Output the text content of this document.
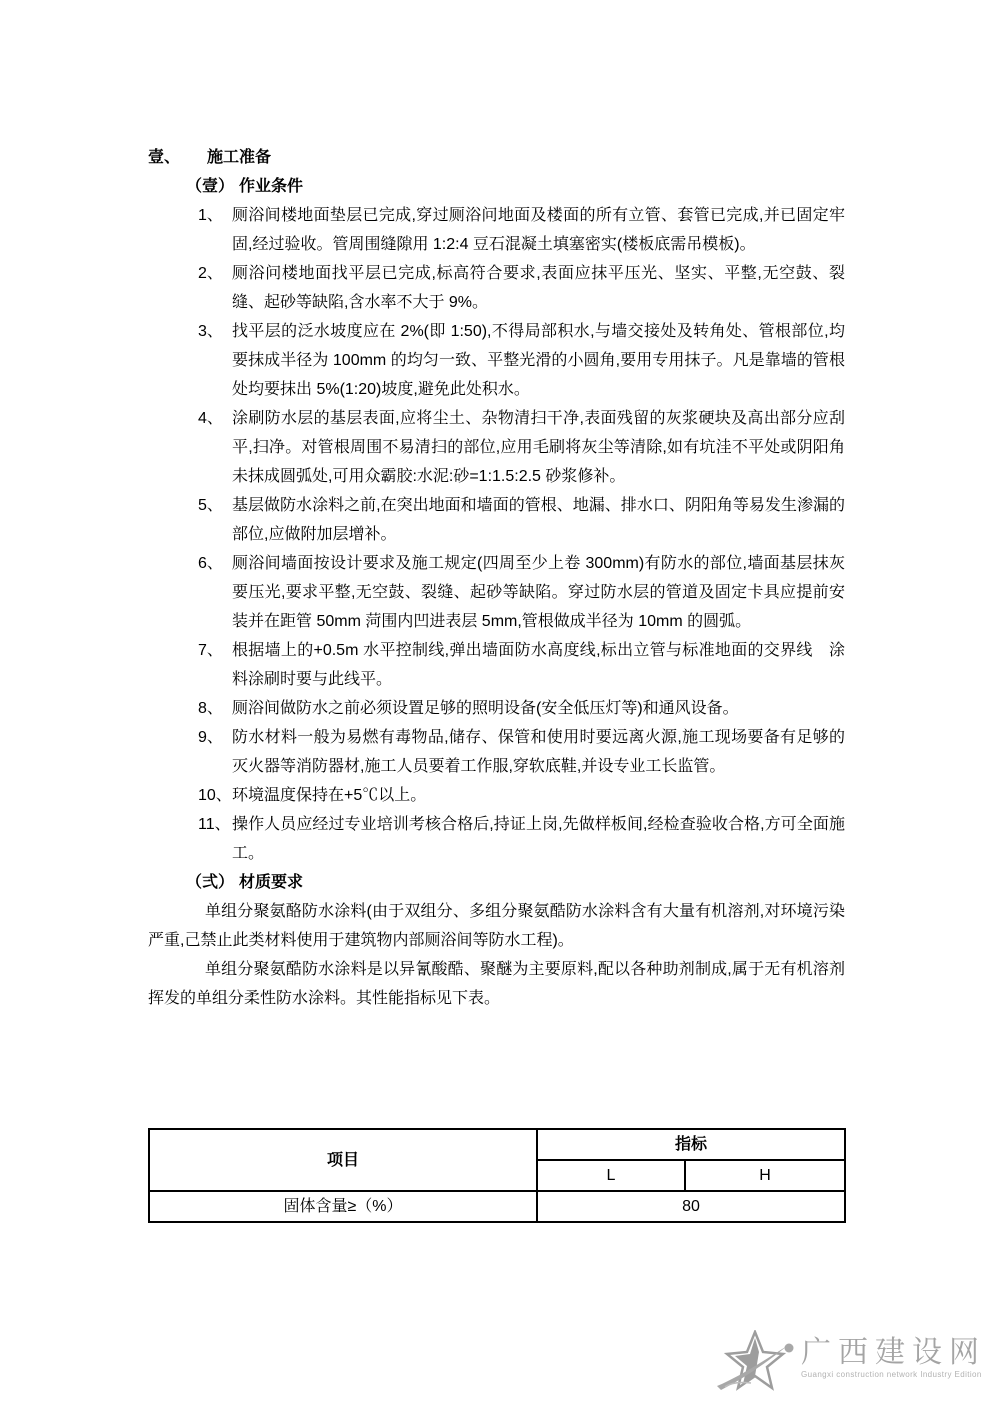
壹、 施工准备
（壹） 作业条件
1、 厕浴间楼地面垫层已完成,穿过厕浴问地面及楼面的所有立管、套管已完成,并已固定牢固,经过验收。管周围缝隙用 1:2:4 豆石混凝土填塞密实(楼板底需吊模板)。
2、 厕浴问楼地面找平层已完成,标高符合要求,表面应抹平压光、坚实、平整,无空鼓、裂缝、起砂等缺陷,含水率不大于 9%。
3、 找平层的泛水坡度应在 2%(即 1:50),不得局部积水,与墙交接处及转角处、管根部位,均要抹成半径为 100mm 的均匀一致、平整光滑的小圆角,要用专用抹子。凡是靠墙的管根处均要抹出 5%(1:20)坡度,避免此处积水。
4、 涂刷防水层的基层表面,应将尘土、杂物清扫干净,表面残留的灰浆硬块及高出部分应刮平,扫净。对管根周围不易清扫的部位,应用毛刷将灰尘等清除,如有坑洼不平处或阴阳角未抹成圆弧处,可用众霸胶:水泥:砂=1:1.5:2.5 砂浆修补。
5、 基层做防水涂料之前,在突出地面和墙面的管根、地漏、排水口、阴阳角等易发生渗漏的部位,应做附加层增补。
6、 厕浴间墙面按设计要求及施工规定(四周至少上卷 300mm)有防水的部位,墙面基层抹灰要压光,要求平整,无空鼓、裂缝、起砂等缺陷。穿过防水层的管道及固定卡具应提前安装并在距管 50mm 菏围内凹进表层 5mm,管根做成半径为 10mm 的圆弧。
7、 根据墙上的+0.5m 水平控制线,弹出墙面防水高度线,标出立管与标准地面的交界线　涂料涂刷时要与此线平。
8、 厕浴间做防水之前必须设置足够的照明设备(安全低压灯等)和通风设备。
9、 防水材料一般为易燃有毒物品,储存、保管和使用时要远离火源,施工现场要备有足够的灭火器等消防器材,施工人员要着工作服,穿软底鞋,并设专业工长监管。
10、 环境温度保持在+5℃以上。
11、 操作人员应经过专业培训考核合格后,持证上岗,先做样板间,经检查验收合格,方可全面施工。
（弍） 材质要求

单组分聚氨酪防水涂料(由于双组分、多组分聚氨酷防水涂料含有大量有机溶剂,对环境污染严重,己禁止此类材料使用于建筑物内部厕浴间等防水工程)。

单组分聚氨酷防水涂料是以异氰酸酷、聚醚为主要原料,配以各种助剂制成,属于无有机溶剂挥发的单组分柔性防水涂料。其性能指标见下表。

项目	指标	
	L	H
固体含量≥（%）	80	
广西建设网
Guangxi construction network Industry Edition
